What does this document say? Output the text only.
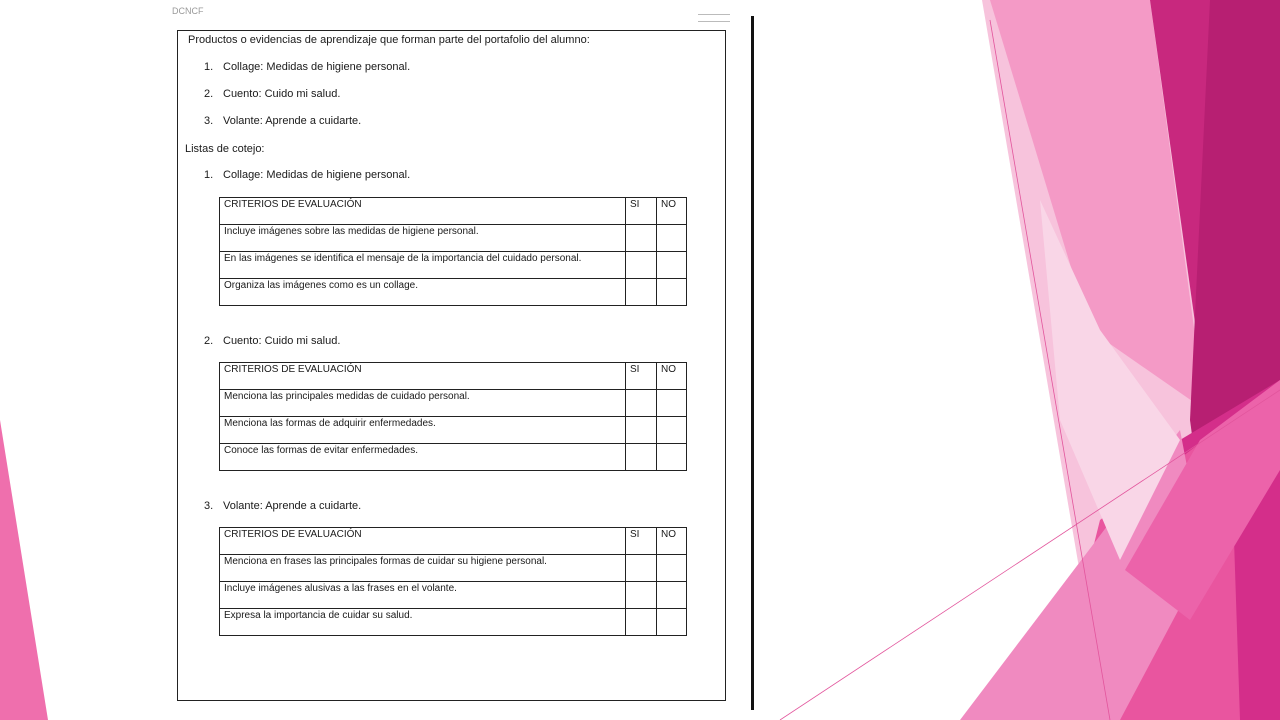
DCNCF
Productos o evidencias de aprendizaje que forman parte del portafolio del alumno:
1. Collage: Medidas de higiene personal.
2. Cuento: Cuido mi salud.
3. Volante: Aprende a cuidarte.
Listas de cotejo:
1. Collage: Medidas de higiene personal.
CRITERIOS DE EVALUACIÓN	SI	NO
Incluye imágenes sobre las medidas de higiene personal.		
En las imágenes se identifica el mensaje de la importancia del cuidado personal.		
Organiza las imágenes como es un collage.		
2. Cuento: Cuido mi salud.
CRITERIOS DE EVALUACIÓN	SI	NO
Menciona las principales medidas de cuidado personal.		
Menciona las formas de adquirir enfermedades.		
Conoce las formas de evitar enfermedades.		
3. Volante: Aprende a cuidarte.
CRITERIOS DE EVALUACIÓN	SI	NO
Menciona en frases las principales formas de cuidar su higiene personal.		
Incluye imágenes alusivas a las frases en el volante.		
Expresa la importancia de cuidar su salud.		
